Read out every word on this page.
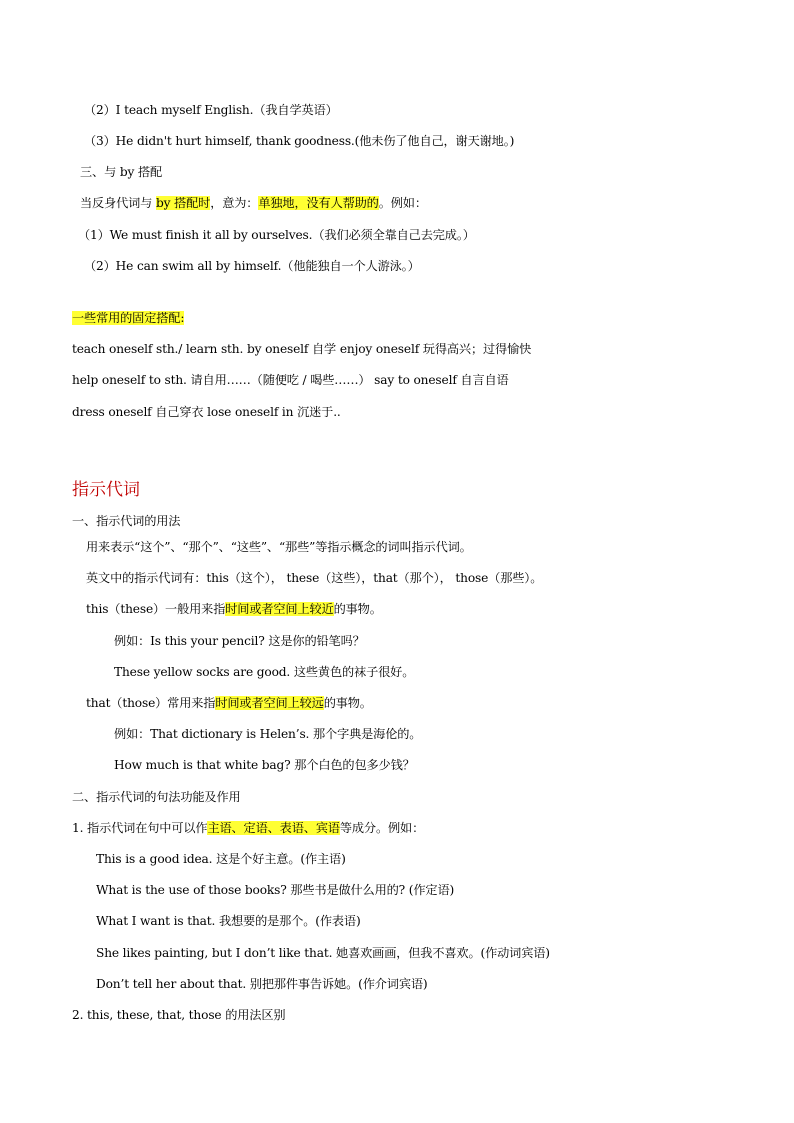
（2）I teach myself English.（我自学英语）
（3）He didn't hurt himself, thank goodness.(他未伤了他自己，谢天谢地。)
三、与 by 搭配
当反身代词与 by 搭配时，意为：单独地，没有人帮助的。例如：
（1）We must finish it all by ourselves.（我们必须全靠自己去完成。）
（2）He can swim all by himself.（他能独自一个人游泳。）
一些常用的固定搭配:
teach oneself sth./ learn sth. by oneself 自学 enjoy oneself 玩得高兴；过得愉快
help oneself to sth. 请自用……（随便吃 / 喝些……） say to oneself 自言自语
dress oneself 自己穿衣 lose oneself in 沉迷于..
指示代词
一、指示代词的用法
用来表示“这个”、“那个”、“这些”、“那些”等指示概念的词叫指示代词。
英文中的指示代词有：this（这个）， these（这些），that（那个）， those（那些）。
this（these）一般用来指时间或者空间上较近的事物。
例如：Is this your pencil? 这是你的铅笔吗？
These yellow socks are good. 这些黄色的袜子很好。
that（those）常用来指时间或者空间上较远的事物。
例如：That dictionary is Helen’s. 那个字典是海伦的。
How much is that white bag? 那个白色的包多少钱？
二、指示代词的句法功能及作用
1. 指示代词在句中可以作主语、定语、表语、宾语等成分。例如：
This is a good idea. 这是个好主意。(作主语)
What is the use of those books? 那些书是做什么用的? (作定语)
What I want is that. 我想要的是那个。(作表语)
She likes painting, but I don’t like that. 她喜欢画画，但我不喜欢。(作动词宾语)
Don’t tell her about that. 别把那件事告诉她。(作介词宾语)
2. this, these, that, those 的用法区别
